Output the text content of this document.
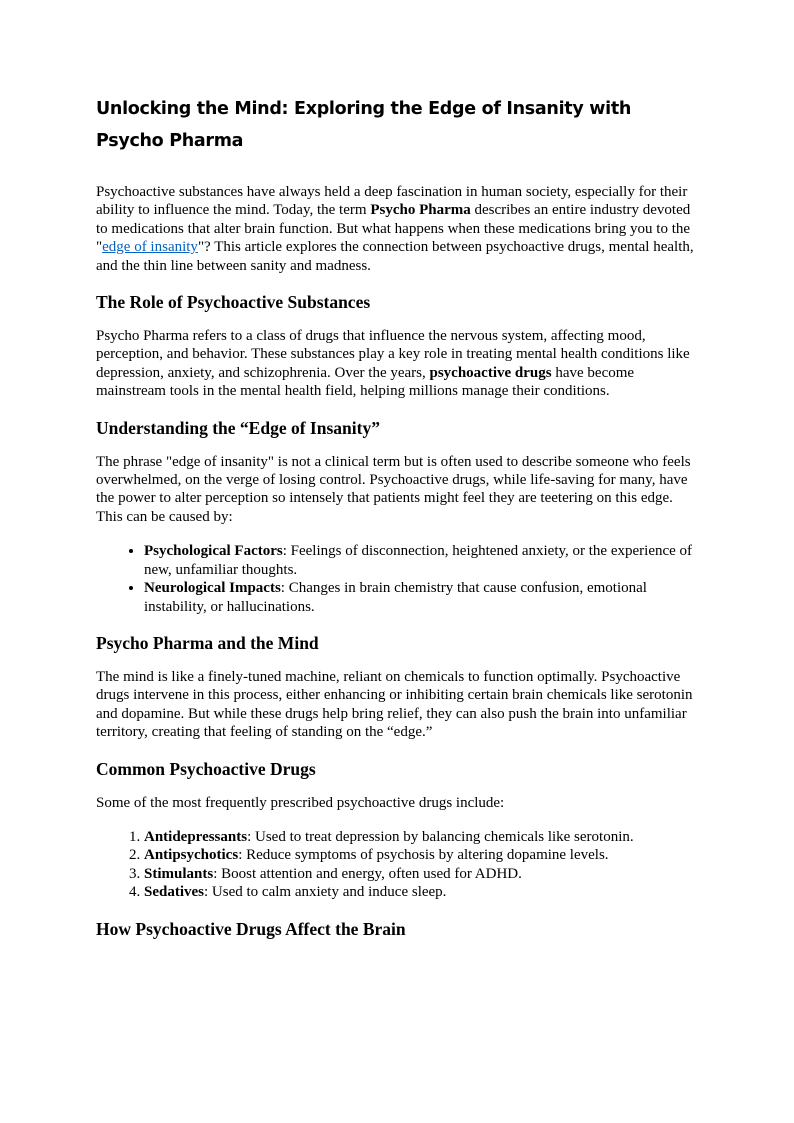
Unlocking the Mind: Exploring the Edge of Insanity with Psycho Pharma

Psychoactive substances have always held a deep fascination in human society, especially for their ability to influence the mind. Today, the term Psycho Pharma describes an entire industry devoted to medications that alter brain function. But what happens when these medications bring you to the "edge of insanity"? This article explores the connection between psychoactive drugs, mental health, and the thin line between sanity and madness.

The Role of Psychoactive Substances

Psycho Pharma refers to a class of drugs that influence the nervous system, affecting mood, perception, and behavior. These substances play a key role in treating mental health conditions like depression, anxiety, and schizophrenia. Over the years, psychoactive drugs have become mainstream tools in the mental health field, helping millions manage their conditions.

Understanding the “Edge of Insanity”

The phrase "edge of insanity" is not a clinical term but is often used to describe someone who feels overwhelmed, on the verge of losing control. Psychoactive drugs, while life-saving for many, have the power to alter perception so intensely that patients might feel they are teetering on this edge. This can be caused by:

• Psychological Factors: Feelings of disconnection, heightened anxiety, or the experience of new, unfamiliar thoughts.
• Neurological Impacts: Changes in brain chemistry that cause confusion, emotional instability, or hallucinations.
Psycho Pharma and the Mind

The mind is like a finely-tuned machine, reliant on chemicals to function optimally. Psychoactive drugs intervene in this process, either enhancing or inhibiting certain brain chemicals like serotonin and dopamine. But while these drugs help bring relief, they can also push the brain into unfamiliar territory, creating that feeling of standing on the “edge.”

Common Psychoactive Drugs

Some of the most frequently prescribed psychoactive drugs include:

1. Antidepressants: Used to treat depression by balancing chemicals like serotonin.
2. Antipsychotics: Reduce symptoms of psychosis by altering dopamine levels.
3. Stimulants: Boost attention and energy, often used for ADHD.
4. Sedatives: Used to calm anxiety and induce sleep.
How Psychoactive Drugs Affect the Brain
